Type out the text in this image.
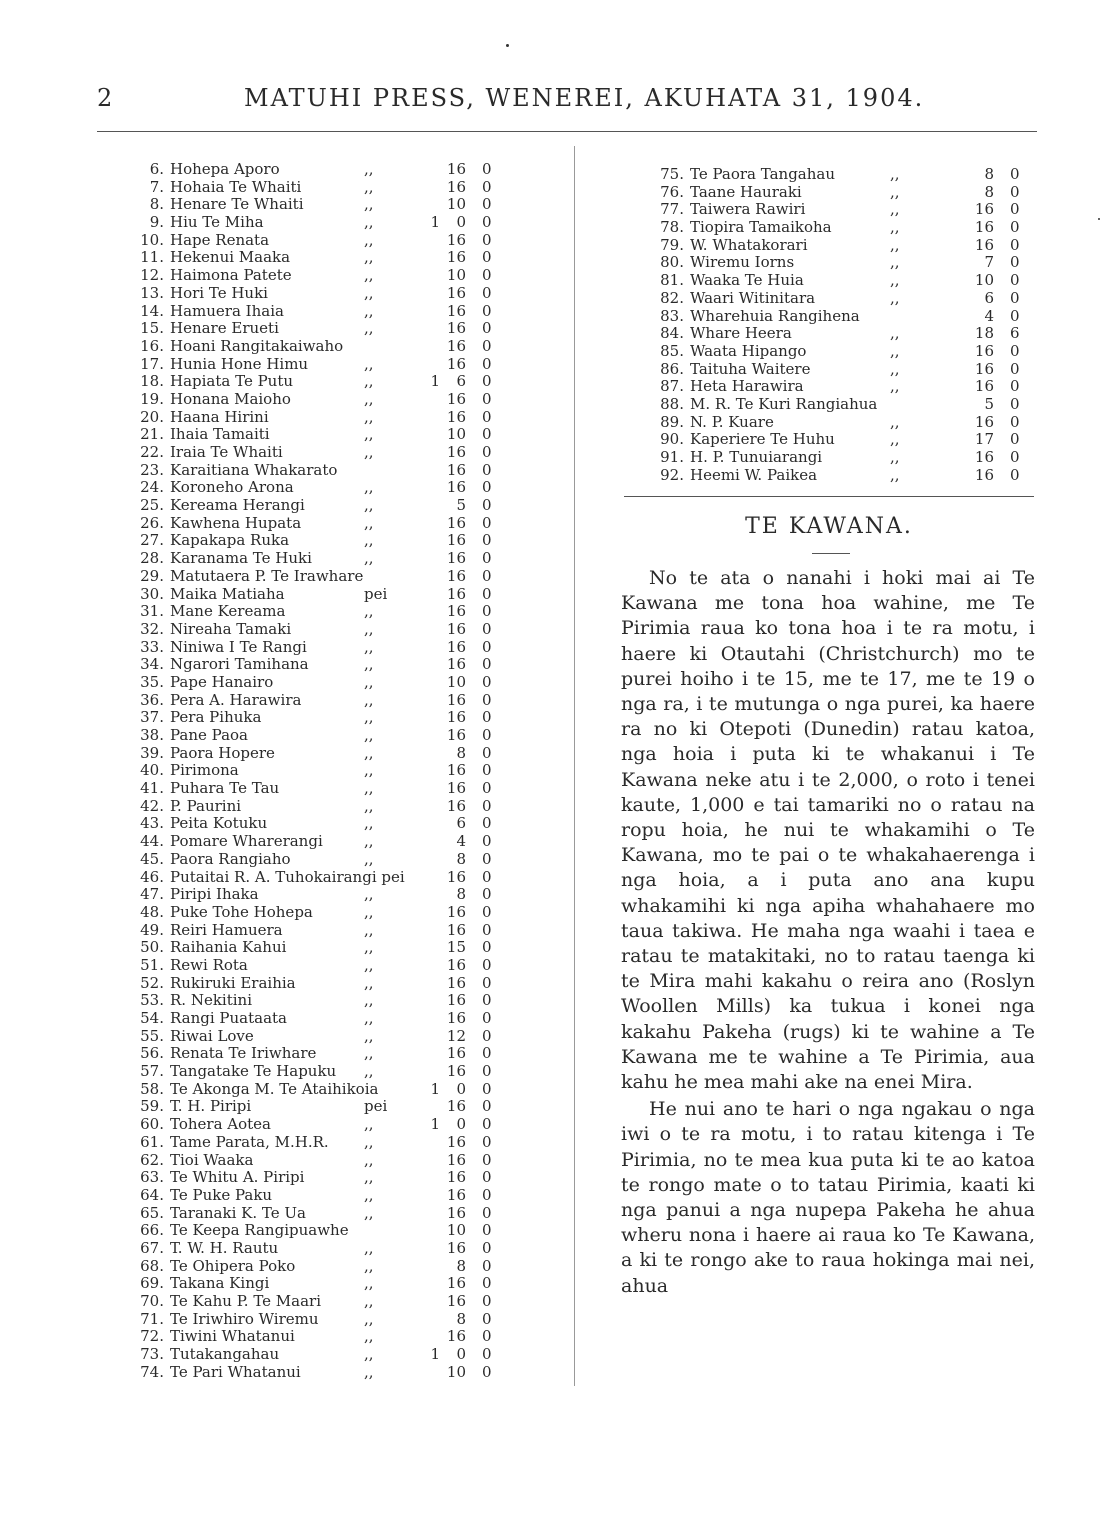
2	MATUHI PRESS, WENEREI, AKUHATA 31, 1904.
6. Hohepa Aporo	,,	16 0
7. Hohaia Te Whaiti	,,	16 0
8. Henare Te Whaiti	,,	10 0
9. Hiu Te Miha	,,	1	0 0
10. Hape Renata	,,	16 0
11. Hekenui Maaka	,,	16 0
12. Haimona Patete	,,	10 0
13. Hori Te Huki	,,	16 0
14. Hamuera Ihaia	,,	16 0
15. Henare Erueti	,,	16 0
16. Hoani Rangitakaiwaho	16 0
17. Hunia Hone Himu	,,	16 0
18. Hapiata Te Putu	,,	1	6 0
19. Honana Maioho	,,	16 0
20. Haana Hirini	,,	16 0
21. Ihaia Tamaiti	,,	10 0
22. Iraia Te Whaiti	,,	16 0
23. Karaitiana Whakarato	16 0
24. Koroneho Arona	,,	16 0
25. Kereama Herangi	,,	5 0
26. Kawhena Hupata	,,	16 0
27. Kapakapa Ruka	,,	16 0
28. Karanama Te Huki	,,	16 0
29. Matutaera P. Te Irawhare	16 0
30. Maika Matiaha	pei	16 0
31. Mane Kereama	,,	16 0
32. Nireaha Tamaki	,,	16 0
33. Niniwa I Te Rangi	,,	16 0
34. Ngarori Tamihana	,,	16 0
35. Pape Hanairo	,,	10 0
36. Pera A. Harawira	,,	16 0
37. Pera Pihuka	,,	16 0
38. Pane Paoa	,,	16 0
39. Paora Hopere	,,	8 0
40. Pirimona	,,	16 0
41. Puhara Te Tau	,,	16 0
42. P. Paurini	,,	16 0
43. Peita Kotuku	,,	6 0
44. Pomare Wharerangi	,,	4 0
45. Paora Rangiaho	,,	8 0
46. Putaitai R. A. Tuhokairangi pei	16 0
47. Piripi Ihaka	,,	8 0
48. Puke Tohe Hohepa	,,	16 0
49. Reiri Hamuera	,,	16 0
50. Raihania Kahui	,,	15 0
51. Rewi Rota	,,	16 0
52. Rukiruki Eraihia	,,	16 0
53. R. Nekitini	,,	16 0
54. Rangi Puataata	,,	16 0
55. Riwai Love	,,	12 0
56. Renata Te Iriwhare	,,	16 0
57. Tangatake Te Hapuku ,,	16 0
58. Te Akonga M. Te Ataihikoia	1	0 0
59. T. H. Piripi	pei	16 0
60. Tohera Aotea	,,	1	0 0
61. Tame Parata, M.H.R. ,,	16 0
62. Tioi Waaka	,,	16 0
63. Te Whitu A. Piripi	,,	16 0
64. Te Puke Paku	,,	16 0
65. Taranaki K. Te Ua	,,	16 0
66. Te Keepa Rangipuawhe	10 0
67. T. W. H. Rautu	,,	16 0
68. Te Ohipera Poko	,,	8 0
69. Takana Kingi	,,	16 0
70. Te Kahu P. Te Maari	,,	16 0
71. Te Iriwhiro Wiremu	,,	8 0
72. Tiwini Whatanui	,,	16 0
73. Tutakangahau	,,	1	0 0
74. Te Pari Whatanui	,,	10 0
75. Te Paora Tangahau	,,	8 0
76. Taane Hauraki	,,	8 0
77. Taiwera Rawiri	,,	16 0
78. Tiopira Tamaikoha	,,	16 0
79. W. Whatakorari	,,	16 0
80. Wiremu Iorns	,,	7 0
81. Waaka Te Huia	,,	10 0
82. Waari Witinitara	,,	6 0
83. Wharehuia Rangihena	4 0
84. Whare Heera	,,	18 6
85. Waata Hipango	,,	16 0
86. Taituha Waitere	,,	16 0
87. Heta Harawira	,,	16 0
88. M. R. Te Kuri Rangiahua	5 0
89. N. P. Kuare	,,	16 0
90. Kaperiere Te Huhu	,,	17 0
91. H. P. Tunuiarangi	,,	16 0
92. Heemi W. Paikea	,,	16 0
TE KAWANA.

No te ata o nanahi i hoki mai ai Te Kawana me tona hoa wahine, me Te Pirimia raua ko tona hoa i te ra motu, i haere ki Otautahi (Christchurch) mo te purei hoiho i te 15, me te 17, me te 19 o nga ra, i te mutunga o nga purei, ka haere ra no ki Otepoti (Dunedin) ratau katoa, nga hoia i puta ki te whakanui i Te Kawana neke atu i te 2,000, o roto i tenei kaute, 1,000 e tai tamariki no o ratau na ropu hoia, he nui te whakamihi o Te Kawana, mo te pai o te whakahaerenga i nga hoia, a i puta ano ana kupu whakamihi ki nga apiha whahahaere mo taua takiwa. He maha nga waahi i taea e ratau te matakitaki, no to ratau taenga ki te Mira mahi kakahu o reira ano (Roslyn Woollen Mills) ka tukua i konei nga kakahu Pakeha (rugs) ki te wahine a Te Kawana me te wahine a Te Pirimia, aua kahu he mea mahi ake na enei Mira.

He nui ano te hari o nga ngakau o nga iwi o te ra motu, i to ratau kitenga i Te Pirimia, no te mea kua puta ki te ao katoa te rongo mate o to tatau Pirimia, kaati ki nga panui a nga nupepa Pakeha he ahua wheru nona i haere ai raua ko Te Kawana, a ki te rongo ake to raua hokinga mai nei, ahua
